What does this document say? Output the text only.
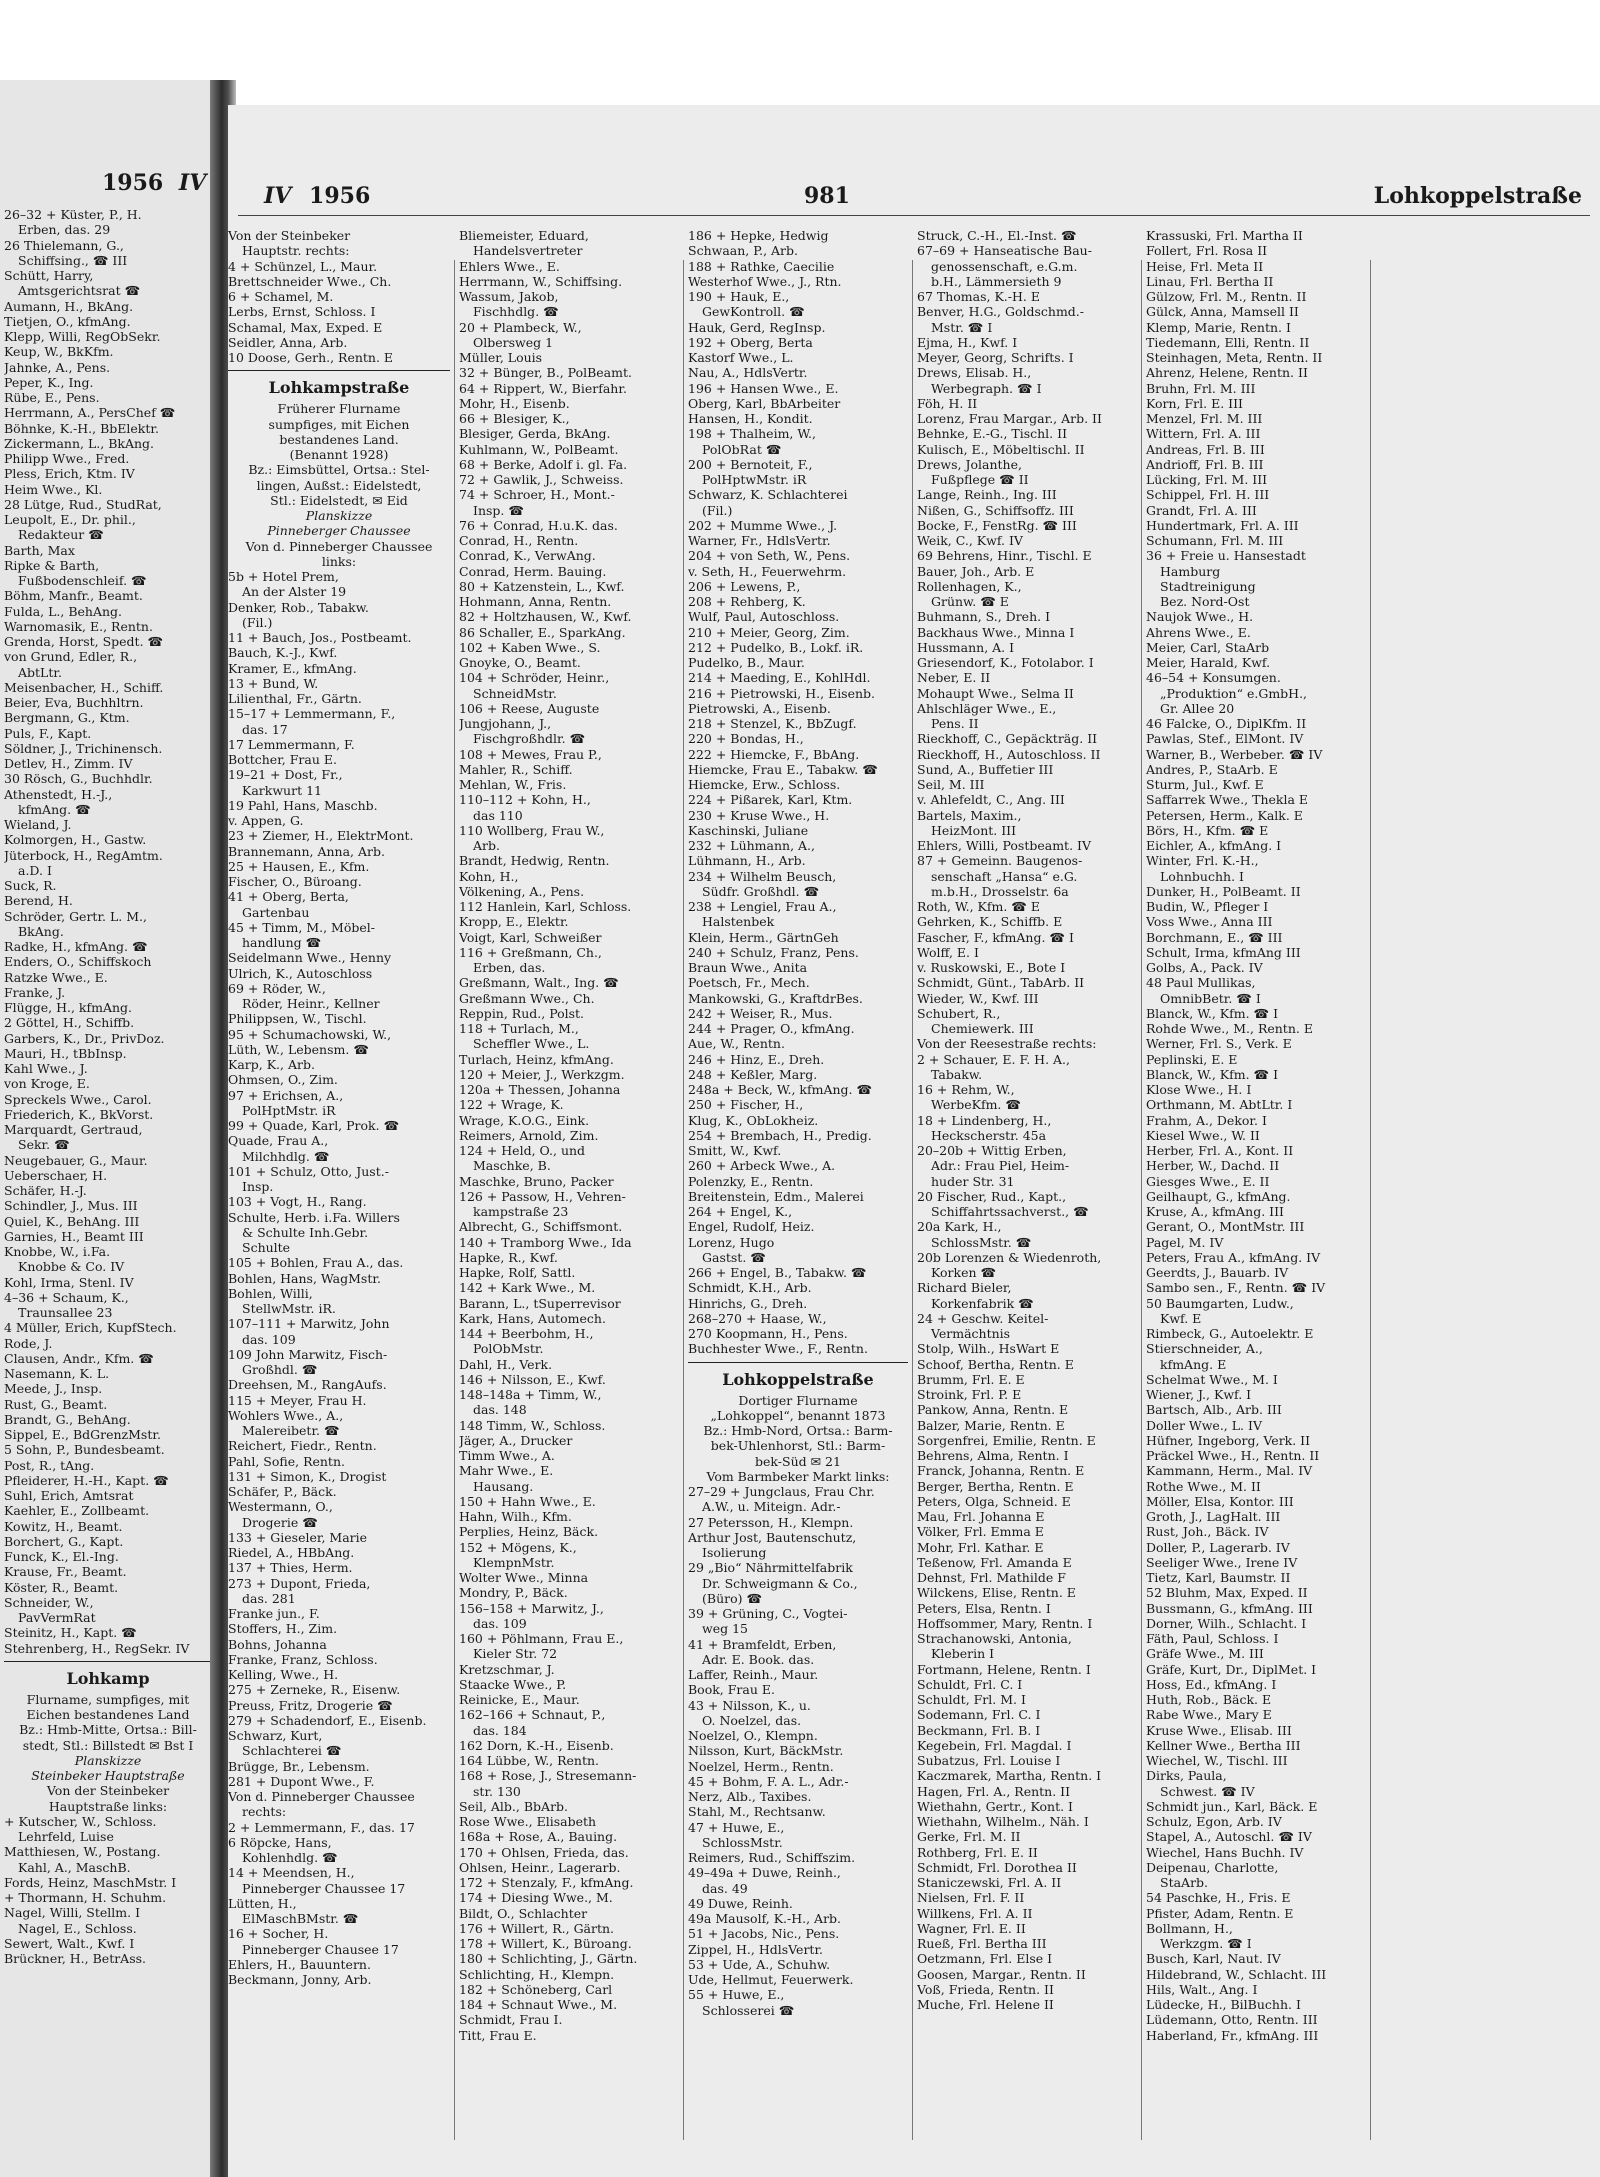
1956 IV
26–32 + Küster, P., H.
Erben, das. 29
26 Thielemann, G.,
Schiffsing., ☎ III
Schütt, Harry,
Amtsgerichtsrat ☎
Aumann, H., BkAng.
Tietjen, O., kfmAng.
Klepp, Willi, RegObSekr.
Keup, W., BkKfm.
Jahnke, A., Pens.
Peper, K., Ing.
Rübe, E., Pens.
Herrmann, A., PersChef ☎
Böhnke, K.-H., BbElektr.
Zickermann, L., BkAng.
Philipp Wwe., Fred.
Pless, Erich, Ktm. IV
Heim Wwe., Kl.
28 Lütge, Rud., StudRat,
Leupolt, E., Dr. phil.,
Redakteur ☎
Barth, Max
Ripke & Barth,
Fußbodenschleif. ☎
Böhm, Manfr., Beamt.
Fulda, L., BehAng.
Warnomasik, E., Rentn.
Grenda, Horst, Spedt. ☎
von Grund, Edler, R.,
AbtLtr.
Meisenbacher, H., Schiff.
Beier, Eva, Buchhltrn.
Bergmann, G., Ktm.
Puls, F., Kapt.
Söldner, J., Trichinensch.
Detlev, H., Zimm. IV
30 Rösch, G., Buchhdlr.
Athenstedt, H.-J.,
kfmAng. ☎
Wieland, J.
Kolmorgen, H., Gastw.
Jüterbock, H., RegAmtm.
a.D. I
Suck, R.
Berend, H.
Schröder, Gertr. L. M.,
BkAng.
Radke, H., kfmAng. ☎
Enders, O., Schiffskoch
Ratzke Wwe., E.
Franke, J.
Flügge, H., kfmAng.
2 Göttel, H., Schiffb.
Garbers, K., Dr., PrivDoz.
Mauri, H., tBbInsp.
Kahl Wwe., J.
von Kroge, E.
Spreckels Wwe., Carol.
Friederich, K., BkVorst.
Marquardt, Gertraud,
Sekr. ☎
Neugebauer, G., Maur.
Ueberschaer, H.
Schäfer, H.-J.
Schindler, J., Mus. III
Quiel, K., BehAng. III
Garnies, H., Beamt III
Knobbe, W., i.Fa.
Knobbe & Co. IV
Kohl, Irma, Stenl. IV
4–36 + Schaum, K.,
Traunsallee 23
4 Müller, Erich, KupfStech.
Rode, J.
Clausen, Andr., Kfm. ☎
Nasemann, K. L.
Meede, J., Insp.
Rust, G., Beamt.
Brandt, G., BehAng.
Sippel, E., BdGrenzMstr.
5 Sohn, P., Bundesbeamt.
Post, R., tAng.
Pfleiderer, H.-H., Kapt. ☎
Suhl, Erich, Amtsrat
Kaehler, E., Zollbeamt.
Kowitz, H., Beamt.
Borchert, G., Kapt.
Funck, K., El.-Ing.
Krause, Fr., Beamt.
Köster, R., Beamt.
Schneider, W.,
PavVermRat
Steinitz, H., Kapt. ☎
Stehrenberg, H., RegSekr. IV
Lohkamp
Flurname, sumpfiges, mit
Eichen bestandenes Land
Bz.: Hmb-Mitte, Ortsa.: Bill-
stedt, Stl.: Billstedt ✉ Bst I
Planskizze
Steinbeker Hauptstraße
Von der Steinbeker
Hauptstraße links:
+ Kutscher, W., Schloss.
Lehrfeld, Luise
Matthiesen, W., Postang.
Kahl, A., MaschB.
Fords, Heinz, MaschMstr. I
+ Thormann, H. Schuhm.
Nagel, Willi, Stellm. I
Nagel, E., Schloss.
Sewert, Walt., Kwf. I
Brückner, H., BetrAss.
IV 1956	981	Lohkoppelstraße
Von der Steinbeker
Hauptstr. rechts:
4 + Schünzel, L., Maur.
Brettschneider Wwe., Ch.
6 + Schamel, M.
Lerbs, Ernst, Schloss. I
Schamal, Max, Exped. E
Seidler, Anna, Arb.
10 Doose, Gerh., Rentn. E
Lohkampstraße
Früherer Flurname
sumpfiges, mit Eichen
bestandenes Land.
(Benannt 1928)
Bz.: Eimsbüttel, Ortsa.: Stel-
lingen, Außst.: Eidelstedt,
Stl.: Eidelstedt, ✉ Eid
Planskizze
Pinneberger Chaussee
Von d. Pinneberger Chaussee
links:
5b + Hotel Prem,
An der Alster 19
Denker, Rob., Tabakw.
(Fil.)
11 + Bauch, Jos., Postbeamt.
Bauch, K.-J., Kwf.
Kramer, E., kfmAng.
13 + Bund, W.
Lilienthal, Fr., Gärtn.
15–17 + Lemmermann, F.,
das. 17
17 Lemmermann, F.
Bottcher, Frau E.
19–21 + Dost, Fr.,
Karkwurt 11
19 Pahl, Hans, Maschb.
v. Appen, G.
23 + Ziemer, H., ElektrMont.
Brannemann, Anna, Arb.
25 + Hausen, E., Kfm.
Fischer, O., Büroang.
41 + Oberg, Berta,
Gartenbau
45 + Timm, M., Möbel-
handlung ☎
Seidelmann Wwe., Henny
Ulrich, K., Autoschloss
69 + Röder, W.,
Röder, Heinr., Kellner
Philippsen, W., Tischl.
95 + Schumachowski, W.,
Lüth, W., Lebensm. ☎
Karp, K., Arb.
Ohmsen, O., Zim.
97 + Erichsen, A.,
PolHptMstr. iR
99 + Quade, Karl, Prok. ☎
Quade, Frau A.,
Milchhdlg. ☎
101 + Schulz, Otto, Just.-
Insp.
103 + Vogt, H., Rang.
Schulte, Herb. i.Fa. Willers
& Schulte Inh.Gebr.
Schulte
105 + Bohlen, Frau A., das.
Bohlen, Hans, WagMstr.
Bohlen, Willi,
StellwMstr. iR.
107–111 + Marwitz, John
das. 109
109 John Marwitz, Fisch-
Großhdl. ☎
Dreehsen, M., RangAufs.
115 + Meyer, Frau H.
Wohlers Wwe., A.,
Malereibetr. ☎
Reichert, Fiedr., Rentn.
Pahl, Sofie, Rentn.
131 + Simon, K., Drogist
Schäfer, P., Bäck.
Westermann, O.,
Drogerie ☎
133 + Gieseler, Marie
Riedel, A., HBbAng.
137 + Thies, Herm.
273 + Dupont, Frieda,
das. 281
Franke jun., F.
Stoffers, H., Zim.
Bohns, Johanna
Franke, Franz, Schloss.
Kelling, Wwe., H.
275 + Zerneke, R., Eisenw.
Preuss, Fritz, Drogerie ☎
279 + Schadendorf, E., Eisenb.
Schwarz, Kurt,
Schlachterei ☎
Brügge, Br., Lebensm.
281 + Dupont Wwe., F.
Von d. Pinneberger Chaussee
rechts:
2 + Lemmermann, F., das. 17
6 Röpcke, Hans,
Kohlenhdlg. ☎
14 + Meendsen, H.,
Pinneberger Chaussee 17
Lütten, H.,
ElMaschBMstr. ☎
16 + Socher, H.
Pinneberger Chausee 17
Ehlers, H., Bauuntern.
Beckmann, Jonny, Arb.
Bliemeister, Eduard,
Handelsvertreter
Ehlers Wwe., E.
Herrmann, W., Schiffsing.
Wassum, Jakob,
Fischhdlg. ☎
20 + Plambeck, W.,
Olbersweg 1
Müller, Louis
32 + Bünger, B., PolBeamt.
64 + Rippert, W., Bierfahr.
Mohr, H., Eisenb.
66 + Blesiger, K.,
Blesiger, Gerda, BkAng.
Kuhlmann, W., PolBeamt.
68 + Berke, Adolf i. gl. Fa.
72 + Gawlik, J., Schweiss.
74 + Schroer, H., Mont.-
Insp. ☎
76 + Conrad, H.u.K. das.
Conrad, H., Rentn.
Conrad, K., VerwAng.
Conrad, Herm. Bauing.
80 + Katzenstein, L., Kwf.
Hohmann, Anna, Rentn.
82 + Holtzhausen, W., Kwf.
86 Schaller, E., SparkAng.
102 + Kaben Wwe., S.
Gnoyke, O., Beamt.
104 + Schröder, Heinr.,
SchneidMstr.
106 + Reese, Auguste
Jungjohann, J.,
Fischgroßhdlr. ☎
108 + Mewes, Frau P.,
Mahler, R., Schiff.
Mehlan, W., Fris.
110–112 + Kohn, H.,
das 110
110 Wollberg, Frau W.,
Arb.
Brandt, Hedwig, Rentn.
Kohn, H.,
Völkening, A., Pens.
112 Hanlein, Karl, Schloss.
Kropp, E., Elektr.
Voigt, Karl, Schweißer
116 + Greßmann, Ch.,
Erben, das.
Greßmann, Walt., Ing. ☎
Greßmann Wwe., Ch.
Reppin, Rud., Polst.
118 + Turlach, M.,
Scheffler Wwe., L.
Turlach, Heinz, kfmAng.
120 + Meier, J., Werkzgm.
120a + Thessen, Johanna
122 + Wrage, K.
Wrage, K.O.G., Eink.
Reimers, Arnold, Zim.
124 + Held, O., und
Maschke, B.
Maschke, Bruno, Packer
126 + Passow, H., Vehren-
kampstraße 23
Albrecht, G., Schiffsmont.
140 + Tramborg Wwe., Ida
Hapke, R., Kwf.
Hapke, Rolf, Sattl.
142 + Kark Wwe., M.
Barann, L., tSuperrevisor
Kark, Hans, Automech.
144 + Beerbohm, H.,
PolObMstr.
Dahl, H., Verk.
146 + Nilsson, E., Kwf.
148–148a + Timm, W.,
das. 148
148 Timm, W., Schloss.
Jäger, A., Drucker
Timm Wwe., A.
Mahr Wwe., E.
Hausang.
150 + Hahn Wwe., E.
Hahn, Wilh., Kfm.
Perplies, Heinz, Bäck.
152 + Mögens, K.,
KlempnMstr.
Wolter Wwe., Minna
Mondry, P., Bäck.
156–158 + Marwitz, J.,
das. 109
160 + Pöhlmann, Frau E.,
Kieler Str. 72
Kretzschmar, J.
Staacke Wwe., P.
Reinicke, E., Maur.
162–166 + Schnaut, P.,
das. 184
162 Dorn, K.-H., Eisenb.
164 Lübbe, W., Rentn.
168 + Rose, J., Stresemann-
str. 130
Seil, Alb., BbArb.
Rose Wwe., Elisabeth
168a + Rose, A., Bauing.
170 + Ohlsen, Frieda, das.
Ohlsen, Heinr., Lagerarb.
172 + Stenzaly, F., kfmAng.
174 + Diesing Wwe., M.
Bildt, O., Schlachter
176 + Willert, R., Gärtn.
178 + Willert, K., Büroang.
180 + Schlichting, J., Gärtn.
Schlichting, H., Klempn.
182 + Schöneberg, Carl
184 + Schnaut Wwe., M.
Schmidt, Frau I.
Titt, Frau E.
186 + Hepke, Hedwig
Schwaan, P., Arb.
188 + Rathke, Caecilie
Westerhof Wwe., J., Rtn.
190 + Hauk, E.,
GewKontroll. ☎
Hauk, Gerd, RegInsp.
192 + Oberg, Berta
Kastorf Wwe., L.
Nau, A., HdlsVertr.
196 + Hansen Wwe., E.
Oberg, Karl, BbArbeiter
Hansen, H., Kondit.
198 + Thalheim, W.,
PolObRat ☎
200 + Bernoteit, F.,
PolHptwMstr. iR
Schwarz, K. Schlachterei
(Fil.)
202 + Mumme Wwe., J.
Warner, Fr., HdlsVertr.
204 + von Seth, W., Pens.
v. Seth, H., Feuerwehrm.
206 + Lewens, P.,
208 + Rehberg, K.
Wulf, Paul, Autoschloss.
210 + Meier, Georg, Zim.
212 + Pudelko, B., Lokf. iR.
Pudelko, B., Maur.
214 + Maeding, E., KohlHdl.
216 + Pietrowski, H., Eisenb.
Pietrowski, A., Eisenb.
218 + Stenzel, K., BbZugf.
220 + Bondas, H.,
222 + Hiemcke, F., BbAng.
Hiemcke, Frau E., Tabakw. ☎
Hiemcke, Erw., Schloss.
224 + Pißarek, Karl, Ktm.
230 + Kruse Wwe., H.
Kaschinski, Juliane
232 + Lühmann, A.,
Lühmann, H., Arb.
234 + Wilhelm Beusch,
Südfr. Großhdl. ☎
238 + Lengiel, Frau A.,
Halstenbek
Klein, Herm., GärtnGeh
240 + Schulz, Franz, Pens.
Braun Wwe., Anita
Poetsch, Fr., Mech.
Mankowski, G., KraftdrBes.
242 + Weiser, R., Mus.
244 + Prager, O., kfmAng.
Aue, W., Rentn.
246 + Hinz, E., Dreh.
248 + Keßler, Marg.
248a + Beck, W., kfmAng. ☎
250 + Fischer, H.,
Klug, K., ObLokheiz.
254 + Brembach, H., Predig.
Smitt, W., Kwf.
260 + Arbeck Wwe., A.
Polenzky, E., Rentn.
Breitenstein, Edm., Malerei
264 + Engel, K.,
Engel, Rudolf, Heiz.
Lorenz, Hugo
Gastst. ☎
266 + Engel, B., Tabakw. ☎
Schmidt, K.H., Arb.
Hinrichs, G., Dreh.
268–270 + Haase, W.,
270 Koopmann, H., Pens.
Buchhester Wwe., F., Rentn.
Lohkoppelstraße
Dortiger Flurname
„Lohkoppel“, benannt 1873
Bz.: Hmb-Nord, Ortsa.: Barm-
bek-Uhlenhorst, Stl.: Barm-
bek-Süd ✉ 21
Vom Barmbeker Markt links:
27–29 + Jungclaus, Frau Chr.
A.W., u. Miteign. Adr.-
27 Petersson, H., Klempn.
Arthur Jost, Bautenschutz,
Isolierung
29 „Bio“ Nährmittelfabrik
Dr. Schweigmann & Co.,
(Büro) ☎
39 + Grüning, C., Vogtei-
weg 15
41 + Bramfeldt, Erben,
Adr. E. Book. das.
Laffer, Reinh., Maur.
Book, Frau E.
43 + Nilsson, K., u.
O. Noelzel, das.
Noelzel, O., Klempn.
Nilsson, Kurt, BäckMstr.
Noelzel, Herm., Rentn.
45 + Bohm, F. A. L., Adr.-
Nerz, Alb., Taxibes.
Stahl, M., Rechtsanw.
47 + Huwe, E.,
SchlossMstr.
Reimers, Rud., Schiffszim.
49–49a + Duwe, Reinh.,
das. 49
49 Duwe, Reinh.
49a Mausolf, K.-H., Arb.
51 + Jacobs, Nic., Pens.
Zippel, H., HdlsVertr.
53 + Ude, A., Schuhw.
Ude, Hellmut, Feuerwerk.
55 + Huwe, E.,
Schlosserei ☎
Struck, C.-H., El.-Inst. ☎
67–69 + Hanseatische Bau-
genossenschaft, e.G.m.
b.H., Lämmersieth 9
67 Thomas, K.-H. E
Benver, H.G., Goldschmd.-
Mstr. ☎ I
Ejma, H., Kwf. I
Meyer, Georg, Schrifts. I
Drews, Elisab. H.,
Werbegraph. ☎ I
Föh, H. II
Lorenz, Frau Margar., Arb. II
Behnke, E.-G., Tischl. II
Kulisch, E., Möbeltischl. II
Drews, Jolanthe,
Fußpflege ☎ II
Lange, Reinh., Ing. III
Nißen, G., Schiffsoffz. III
Bocke, F., FenstRg. ☎ III
Weik, C., Kwf. IV
69 Behrens, Hinr., Tischl. E
Bauer, Joh., Arb. E
Rollenhagen, K.,
Grünw. ☎ E
Buhmann, S., Dreh. I
Backhaus Wwe., Minna I
Hussmann, A. I
Griesendorf, K., Fotolabor. I
Neber, E. II
Mohaupt Wwe., Selma II
Ahlschläger Wwe., E.,
Pens. II
Rieckhoff, C., Gepäckträg. II
Rieckhoff, H., Autoschloss. II
Sund, A., Buffetier III
Seil, M. III
v. Ahlefeldt, C., Ang. III
Bartels, Maxim.,
HeizMont. III
Ehlers, Willi, Postbeamt. IV
87 + Gemeinn. Baugenos-
senschaft „Hansa“ e.G.
m.b.H., Drosselstr. 6a
Roth, W., Kfm. ☎ E
Gehrken, K., Schiffb. E
Fascher, F., kfmAng. ☎ I
Wolff, E. I
v. Ruskowski, E., Bote I
Schmidt, Günt., TabArb. II
Wieder, W., Kwf. III
Schubert, R.,
Chemiewerk. III
Von der Reesestraße rechts:
2 + Schauer, E. F. H. A.,
Tabakw.
16 + Rehm, W.,
WerbeKfm. ☎
18 + Lindenberg, H.,
Heckscherstr. 45a
20–20b + Wittig Erben,
Adr.: Frau Piel, Heim-
huder Str. 31
20 Fischer, Rud., Kapt.,
Schiffahrtssachverst., ☎
20a Kark, H.,
SchlossMstr. ☎
20b Lorenzen & Wiedenroth,
Korken ☎
Richard Bieler,
Korkenfabrik ☎
24 + Geschw. Keitel-
Vermächtnis
Stolp, Wilh., HsWart E
Schoof, Bertha, Rentn. E
Brumm, Frl. E. E
Stroink, Frl. P. E
Pankow, Anna, Rentn. E
Balzer, Marie, Rentn. E
Sorgenfrei, Emilie, Rentn. E
Behrens, Alma, Rentn. I
Franck, Johanna, Rentn. E
Berger, Bertha, Rentn. E
Peters, Olga, Schneid. E
Mau, Frl. Johanna E
Völker, Frl. Emma E
Mohr, Frl. Kathar. E
Teßenow, Frl. Amanda E
Dehnst, Frl. Mathilde F
Wilckens, Elise, Rentn. E
Peters, Elsa, Rentn. I
Hoffsommer, Mary, Rentn. I
Strachanowski, Antonia,
Kleberin I
Fortmann, Helene, Rentn. I
Schuldt, Frl. C. I
Schuldt, Frl. M. I
Sodemann, Frl. C. I
Beckmann, Frl. B. I
Kegebein, Frl. Magdal. I
Subatzus, Frl. Louise I
Kaczmarek, Martha, Rentn. I
Hagen, Frl. A., Rentn. II
Wiethahn, Gertr., Kont. I
Wiethahn, Wilhelm., Näh. I
Gerke, Frl. M. II
Rothberg, Frl. E. II
Schmidt, Frl. Dorothea II
Staniczewski, Frl. A. II
Nielsen, Frl. F. II
Willkens, Frl. A. II
Wagner, Frl. E. II
Rueß, Frl. Bertha III
Oetzmann, Frl. Else I
Goosen, Margar., Rentn. II
Voß, Frieda, Rentn. II
Muche, Frl. Helene II
Krassuski, Frl. Martha II
Follert, Frl. Rosa II
Heise, Frl. Meta II
Linau, Frl. Bertha II
Gülzow, Frl. M., Rentn. II
Gülck, Anna, Mamsell II
Klemp, Marie, Rentn. I
Tiedemann, Elli, Rentn. II
Steinhagen, Meta, Rentn. II
Ahrenz, Helene, Rentn. II
Bruhn, Frl. M. III
Korn, Frl. E. III
Menzel, Frl. M. III
Wittern, Frl. A. III
Andreas, Frl. B. III
Andrioff, Frl. B. III
Lücking, Frl. M. III
Schippel, Frl. H. III
Grandt, Frl. A. III
Hundertmark, Frl. A. III
Schumann, Frl. M. III
36 + Freie u. Hansestadt
Hamburg
Stadtreinigung
Bez. Nord-Ost
Naujok Wwe., H.
Ahrens Wwe., E.
Meier, Carl, StaArb
Meier, Harald, Kwf.
46–54 + Konsumgen.
„Produktion“ e.GmbH.,
Gr. Allee 20
46 Falcke, O., DiplKfm. II
Pawlas, Stef., ElMont. IV
Warner, B., Werbeber. ☎ IV
Andres, P., StaArb. E
Sturm, Jul., Kwf. E
Saffarrek Wwe., Thekla E
Petersen, Herm., Kalk. E
Börs, H., Kfm. ☎ E
Eichler, A., kfmAng. I
Winter, Frl. K.-H.,
Lohnbuchh. I
Dunker, H., PolBeamt. II
Budin, W., Pfleger I
Voss Wwe., Anna III
Borchmann, E., ☎ III
Schult, Irma, kfmAng III
Golbs, A., Pack. IV
48 Paul Mullikas,
OmnibBetr. ☎ I
Blanck, W., Kfm. ☎ I
Rohde Wwe., M., Rentn. E
Werner, Frl. S., Verk. E
Peplinski, E. E
Blanck, W., Kfm. ☎ I
Klose Wwe., H. I
Orthmann, M. AbtLtr. I
Frahm, A., Dekor. I
Kiesel Wwe., W. II
Herber, Frl. A., Kont. II
Herber, W., Dachd. II
Giesges Wwe., E. II
Geilhaupt, G., kfmAng.
Kruse, A., kfmAng. III
Gerant, O., MontMstr. III
Pagel, M. IV
Peters, Frau A., kfmAng. IV
Geerdts, J., Bauarb. IV
Sambo sen., F., Rentn. ☎ IV
50 Baumgarten, Ludw.,
Kwf. E
Rimbeck, G., Autoelektr. E
Stierschneider, A.,
kfmAng. E
Schelmat Wwe., M. I
Wiener, J., Kwf. I
Bartsch, Alb., Arb. III
Doller Wwe., L. IV
Hüfner, Ingeborg, Verk. II
Präckel Wwe., H., Rentn. II
Kammann, Herm., Mal. IV
Rothe Wwe., M. II
Möller, Elsa, Kontor. III
Groth, J., LagHalt. III
Rust, Joh., Bäck. IV
Doller, P., Lagerarb. IV
Seeliger Wwe., Irene IV
Tietz, Karl, Baumstr. II
52 Bluhm, Max, Exped. II
Bussmann, G., kfmAng. III
Dorner, Wilh., Schlacht. I
Fäth, Paul, Schloss. I
Gräfe Wwe., M. III
Gräfe, Kurt, Dr., DiplMet. I
Hoss, Ed., kfmAng. I
Huth, Rob., Bäck. E
Rabe Wwe., Mary E
Kruse Wwe., Elisab. III
Kellner Wwe., Bertha III
Wiechel, W., Tischl. III
Dirks, Paula,
Schwest. ☎ IV
Schmidt jun., Karl, Bäck. E
Schulz, Egon, Arb. IV
Stapel, A., Autoschl. ☎ IV
Wiechel, Hans Buchh. IV
Deipenau, Charlotte,
StaArb.
54 Paschke, H., Fris. E
Pfister, Adam, Rentn. E
Bollmann, H.,
Werkzgm. ☎ I
Busch, Karl, Naut. IV
Hildebrand, W., Schlacht. III
Hils, Walt., Ang. I
Lüdecke, H., BilBuchh. I
Lüdemann, Otto, Rentn. III
Haberland, Fr., kfmAng. III
